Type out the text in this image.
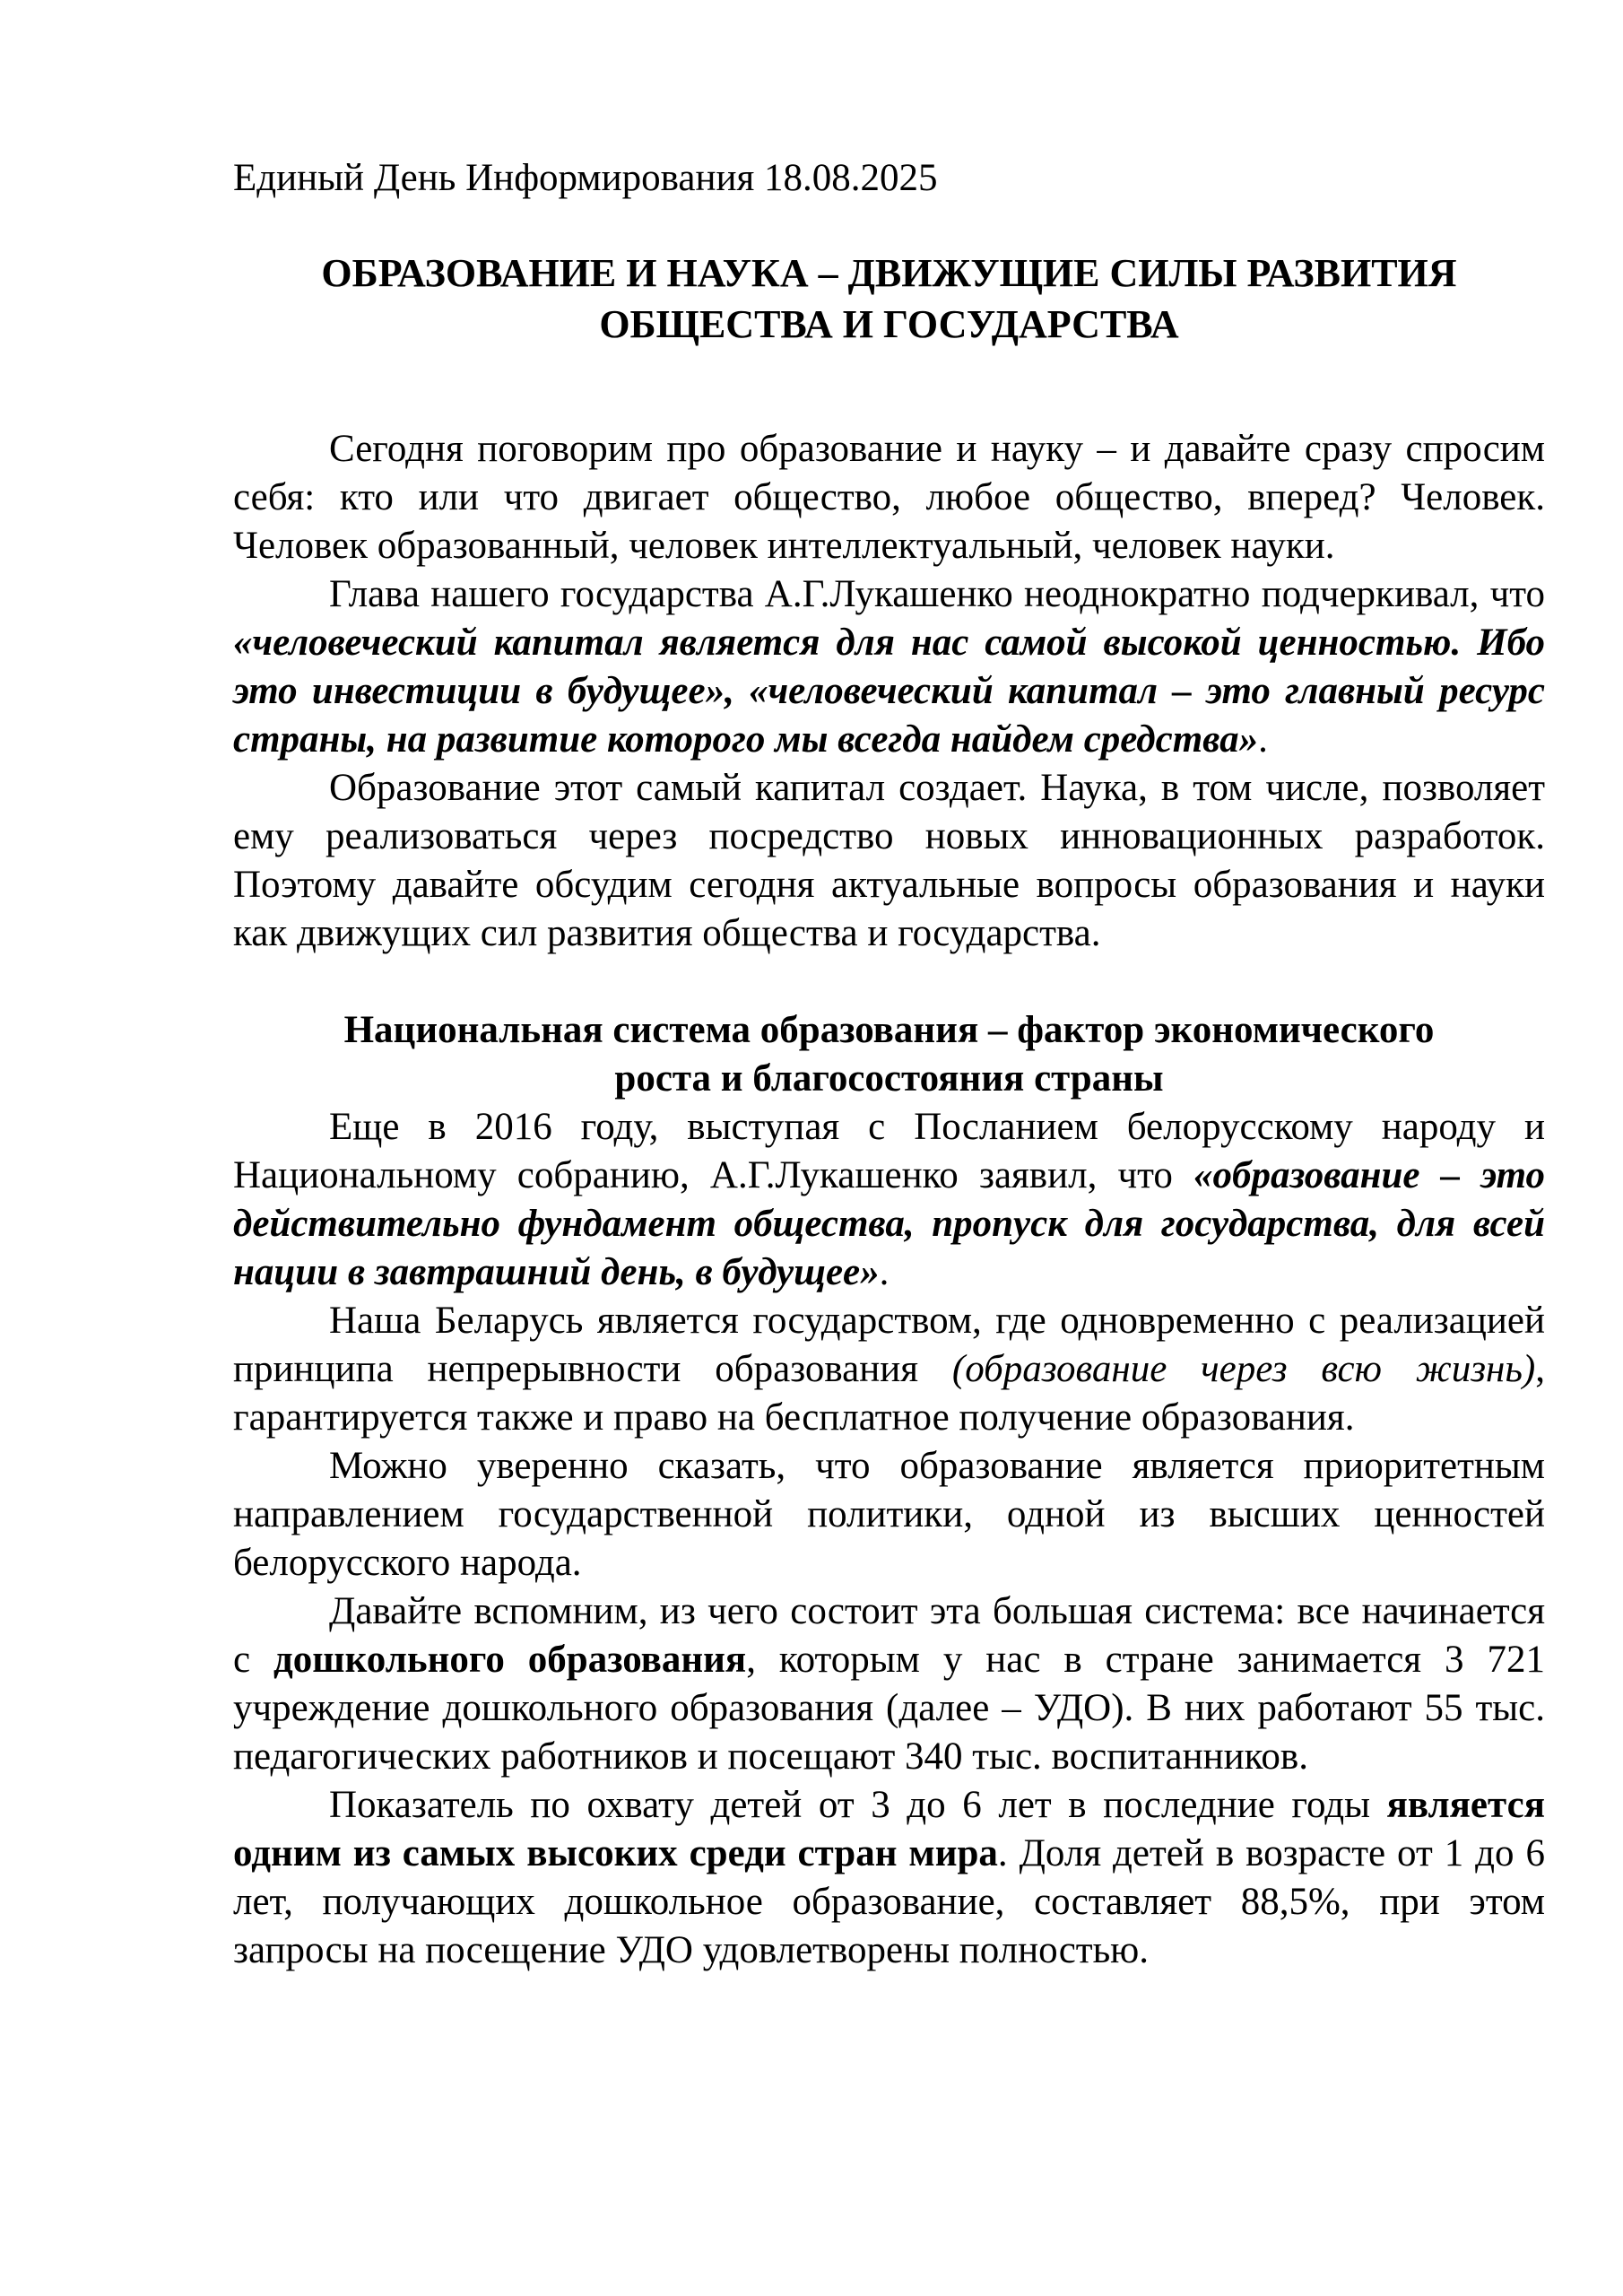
Единый День Информирования 18.08.2025

ОБРАЗОВАНИЕ И НАУКА – ДВИЖУЩИЕ СИЛЫ РАЗВИТИЯ
ОБЩЕСТВА И ГОСУДАРСТВА

Сегодня поговорим про образование и науку – и давайте сразу спросим себя: кто или что двигает общество, любое общество, вперед? Человек. Человек образованный, человек интеллектуальный, человек науки.

Глава нашего государства А.Г.Лукашенко неоднократно подчеркивал, что «человеческий капитал является для нас самой высокой ценностью. Ибо это инвестиции в будущее», «человеческий капитал – это главный ресурс страны, на развитие которого мы всегда найдем средства».

Образование этот самый капитал создает. Наука, в том числе, позволяет ему реализоваться через посредство новых инновационных разработок. Поэтому давайте обсудим сегодня актуальные вопросы образования и науки как движущих сил развития общества и государства.

Национальная система образования – фактор экономического
роста и благосостояния страны

Еще в 2016 году, выступая с Посланием белорусскому народу и Национальному собранию, А.Г.Лукашенко заявил, что «образование – это действительно фундамент общества, пропуск для государства, для всей нации в завтрашний день, в будущее».

Наша Беларусь является государством, где одновременно с реализацией принципа непрерывности образования (образование через всю жизнь), гарантируется также и право на бесплатное получение образования.

Можно уверенно сказать, что образование является приоритетным направлением государственной политики, одной из высших ценностей белорусского народа.

Давайте вспомним, из чего состоит эта большая система: все начинается с дошкольного образования, которым у нас в стране занимается 3 721 учреждение дошкольного образования (далее – УДО). В них работают 55 тыс. педагогических работников и посещают 340 тыс. воспитанников.

Показатель по охвату детей от 3 до 6 лет в последние годы является одним из самых высоких среди стран мира. Доля детей в возрасте от 1 до 6 лет, получающих дошкольное образование, составляет 88,5%, при этом запросы на посещение УДО удовлетворены полностью.
